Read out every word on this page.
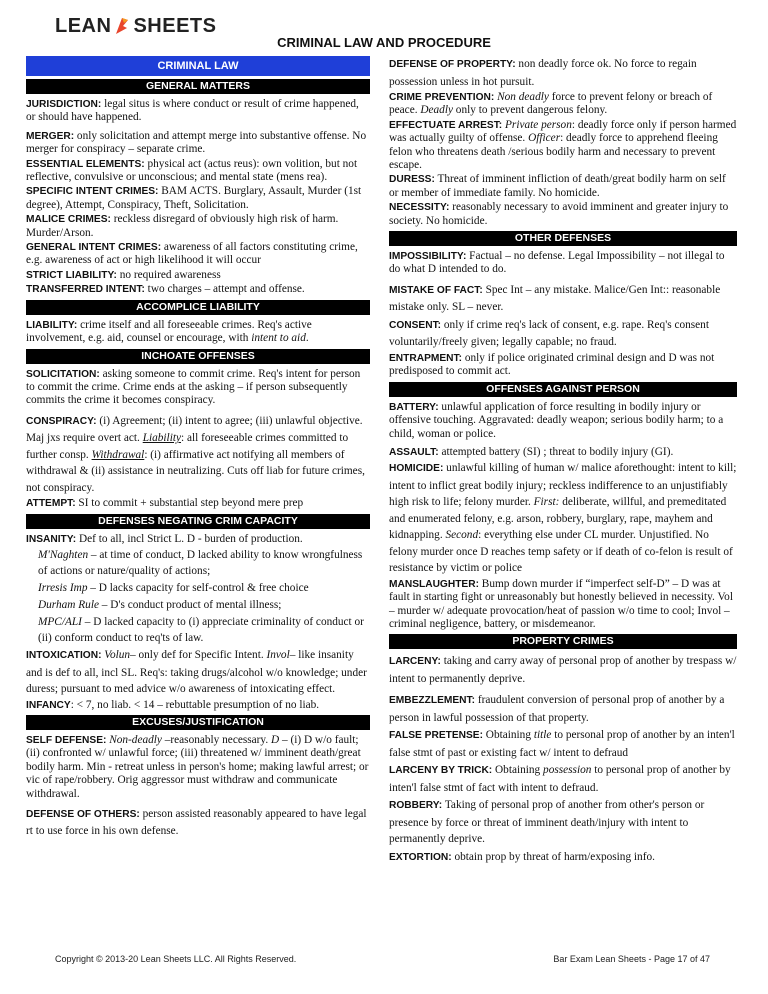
LEAN SHEETS
CRIMINAL LAW AND PROCEDURE
CRIMINAL LAW
GENERAL MATTERS

JURISDICTION: legal situs is where conduct or result of crime happened, or should have happened.

MERGER: only solicitation and attempt merge into substantive offense. No merger for conspiracy – separate crime.

ESSENTIAL ELEMENTS: physical act (actus reus): own volition, but not reflective, convulsive or unconscious; and mental state (mens rea).

SPECIFIC INTENT CRIMES: BAM ACTS. Burglary, Assault, Murder (1st degree), Attempt, Conspiracy, Theft, Solicitation.

MALICE CRIMES: reckless disregard of obviously high risk of harm. Murder/Arson.

GENERAL INTENT CRIMES: awareness of all factors constituting crime, e.g. awareness of act or high likelihood it will occur

STRICT LIABILITY: no required awareness

TRANSFERRED INTENT: two charges – attempt and offense.

ACCOMPLICE LIABILITY

LIABILITY: crime itself and all foreseeable crimes. Req's active involvement, e.g. aid, counsel or encourage, with intent to aid.

INCHOATE OFFENSES

SOLICITATION: asking someone to commit crime. Req's intent for person to commit the crime. Crime ends at the asking – if person subsequently commits the crime it becomes conspiracy.

CONSPIRACY: (i) Agreement; (ii) intent to agree; (iii) unlawful objective. Maj jxs require overt act. Liability: all foreseeable crimes committed to further consp. Withdrawal: (i) affirmative act notifying all members of withdrawal & (ii) assistance in neutralizing. Cuts off liab for future crimes, not conspiracy.

ATTEMPT: SI to commit + substantial step beyond mere prep

DEFENSES NEGATING CRIM CAPACITY

INSANITY: Def to all, incl Strict L. D - burden of production.

M'Naghten – at time of conduct, D lacked ability to know wrongfulness of actions or nature/quality of actions;

Irresis Imp – D lacks capacity for self-control & free choice

Durham Rule – D's conduct product of mental illness;

MPC/ALI – D lacked capacity to (i) appreciate criminality of conduct or (ii) conform conduct to req'ts of law.

INTOXICATION: Volun– only def for Specific Intent. Invol– like insanity and is def to all, incl SL. Req's: taking drugs/alcohol w/o knowledge; under duress; pursuant to med advice w/o awareness of intoxicating effect.

INFANCY: < 7, no liab. < 14 – rebuttable presumption of no liab.

EXCUSES/JUSTIFICATION

SELF DEFENSE: Non-deadly –reasonably necessary. D – (i) D w/o fault; (ii) confronted w/ unlawful force; (iii) threatened w/ imminent death/great bodily harm. Min - retreat unless in person's home; making lawful arrest; or vic of rape/robbery. Orig aggressor must withdraw and communicate withdrawal.

DEFENSE OF OTHERS: person assisted reasonably appeared to have legal rt to use force in his own defense.

DEFENSE OF PROPERTY: non deadly force ok. No force to regain possession unless in hot pursuit.

CRIME PREVENTION: Non deadly force to prevent felony or breach of peace. Deadly only to prevent dangerous felony.

EFFECTUATE ARREST: Private person: deadly force only if person harmed was actually guilty of offense. Officer: deadly force to apprehend fleeing felon who threatens death /serious bodily harm and necessary to prevent escape.

DURESS: Threat of imminent infliction of death/great bodily harm on self or member of immediate family. No homicide.

NECESSITY: reasonably necessary to avoid imminent and greater injury to society. No homicide.

OTHER DEFENSES

IMPOSSIBILITY: Factual – no defense. Legal Impossibility – not illegal to do what D intended to do.

MISTAKE OF FACT: Spec Int – any mistake. Malice/Gen Int:: reasonable mistake only. SL – never.

CONSENT: only if crime req's lack of consent, e.g. rape. Req's consent voluntarily/freely given; legally capable; no fraud.

ENTRAPMENT: only if police originated criminal design and D was not predisposed to commit act.

OFFENSES AGAINST PERSON

BATTERY: unlawful application of force resulting in bodily injury or offensive touching. Aggravated: deadly weapon; serious bodily harm; to a child, woman or police.

ASSAULT: attempted battery (SI) ; threat to bodily injury (GI).

HOMICIDE: unlawful killing of human w/ malice aforethought: intent to kill; intent to inflict great bodily injury; reckless indifference to an unjustifiably high risk to life; felony murder. First: deliberate, willful, and premeditated and enumerated felony, e.g. arson, robbery, burglary, rape, mayhem and kidnapping. Second: everything else under CL murder. Unjustified. No felony murder once D reaches temp safety or if death of co-felon is result of resistance by victim or police

MANSLAUGHTER: Bump down murder if “imperfect self-D” – D was at fault in starting fight or unreasonably but honestly believed in necessity. Vol – murder w/ adequate provocation/heat of passion w/o time to cool; Invol – criminal negligence, battery, or misdemeanor.

PROPERTY CRIMES

LARCENY: taking and carry away of personal prop of another by trespass w/ intent to permanently deprive.

EMBEZZLEMENT: fraudulent conversion of personal prop of another by a person in lawful possession of that property.

FALSE PRETENSE: Obtaining title to personal prop of another by an inten'l false stmt of past or existing fact w/ intent to defraud

LARCENY BY TRICK: Obtaining possession to personal prop of another by inten'l false stmt of fact with intent to defraud.

ROBBERY: Taking of personal prop of another from other's person or presence by force or threat of imminent death/injury with intent to permanently deprive.

EXTORTION: obtain prop by threat of harm/exposing info.

Copyright © 2013-20 Lean Sheets LLC. All Rights Reserved.	Bar Exam Lean Sheets - Page 17 of 47
